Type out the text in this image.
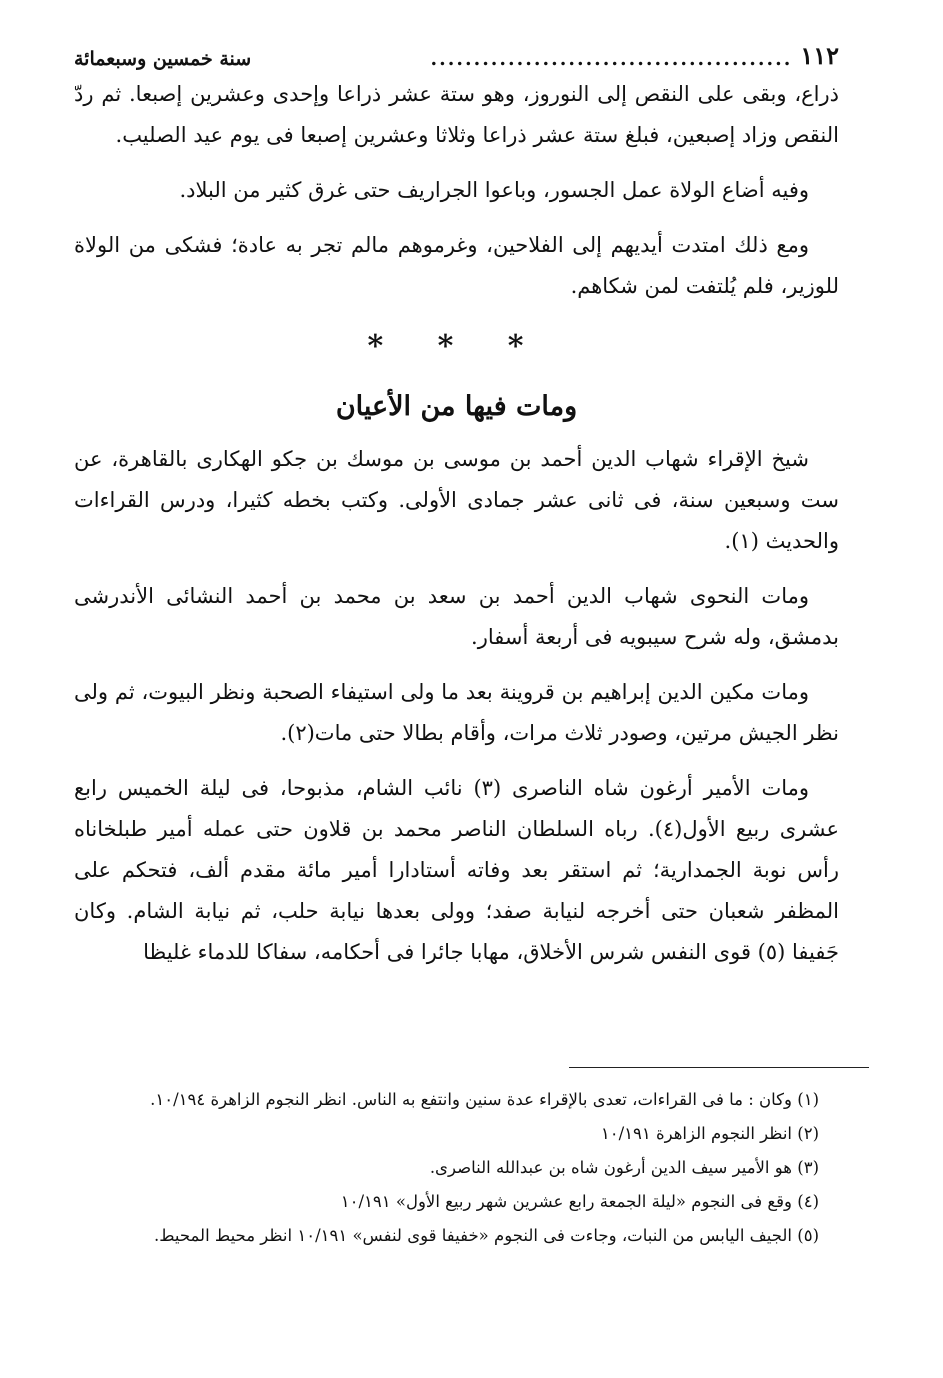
١١٢
..........................................
سنة خمسين وسبعمائة

ذراع، وبقى على النقص إلى النوروز، وهو ستة عشر ذراعا وإحدى وعشرين إصبعا. ثم ردّ النقص وزاد إصبعين، فبلغ ستة عشر ذراعا وثلاثا وعشرين إصبعا فى يوم عيد الصليب.

وفيه أضاع الولاة عمل الجسور، وباعوا الجراريف حتى غرق كثير من البلاد.

ومع ذلك امتدت أيديهم إلى الفلاحين، وغرموهم مالم تجر به عادة؛ فشكى من الولاة للوزير، فلم يُلتفت لمن شكاهم.

* * *
ومات فيها من الأعيان

شيخ الإقراء شهاب الدين أحمد بن موسى بن موسك بن جكو الهكارى بالقاهرة، عن ست وسبعين سنة، فى ثانى عشر جمادى الأولى. وكتب بخطه كثيرا، ودرس القراءات والحديث (١).

ومات النحوى شهاب الدين أحمد بن سعد بن محمد بن أحمد النشائى الأندرشى بدمشق، وله شرح سيبويه فى أربعة أسفار.

ومات مكين الدين إبراهيم بن قروينة بعد ما ولى استيفاء الصحبة ونظر البيوت، ثم ولى نظر الجيش مرتين، وصودر ثلاث مرات، وأقام بطالا حتى مات(٢).

ومات الأمير أرغون شاه الناصرى (٣) نائب الشام، مذبوحا، فى ليلة الخميس رابع عشرى ربيع الأول(٤). رباه السلطان الناصر محمد بن قلاون حتى عمله أمير طبلخاناه رأس نوبة الجمدارية؛ ثم استقر بعد وفاته أستادارا أمير مائة مقدم ألف، فتحكم على المظفر شعبان حتى أخرجه لنيابة صفد؛ وولى بعدها نيابة حلب، ثم نيابة الشام. وكان جَفيفا (٥) قوى النفس شرس الأخلاق، مهابا جائرا فى أحكامه، سفاكا للدماء غليظا

(١) وكان : ما فى القراءات، تعدى بالإقراء عدة سنين وانتفع به الناس. انظر النجوم الزاهرة ١٠/١٩٤.

(٢) انظر النجوم الزاهرة ١٠/١٩١

(٣) هو الأمير سيف الدين أرغون شاه بن عبدالله الناصرى.

(٤) وقع فى النجوم «ليلة الجمعة رابع عشرين شهر ربيع الأول» ١٠/١٩١

(٥) الجيف اليابس من النبات، وجاءت فى النجوم «خفيفا قوى لنفس» ١٠/١٩١ انظر محيط المحيط.
